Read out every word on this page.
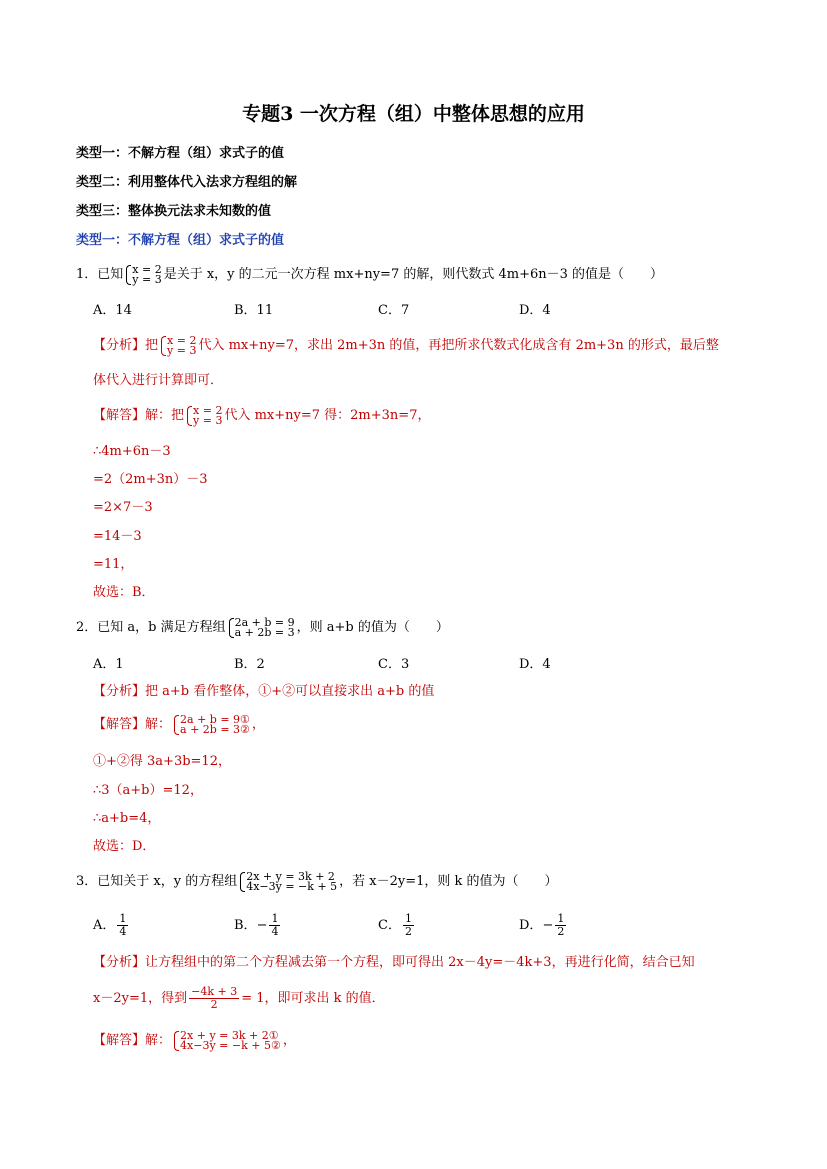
专题3 一次方程（组）中整体思想的应用
类型一：不解方程（组）求式子的值
类型二：利用整体代入法求方程组的解
类型三：整体换元法求未知数的值
类型一：不解方程（组）求式子的值
1．已知 x = 2
y = 3 是关于 x，y 的二元一次方程 mx+ny=7 的解，则代数式 4m+6n－3 的值是（　　）
A．14	B．11	C．7	D．4
【分析】把 x = 2
y = 3 代入 mx+ny=7，求出 2m+3n 的值，再把所求代数式化成含有 2m+3n 的形式，最后整
体代入进行计算即可．
【解答】解：把 x = 2
y = 3 代入 mx+ny=7 得：2m+3n=7，
∴4m+6n－3
=2（2m+3n）－3
=2×7－3
=14－3
=11，
故选：B．
2．已知 a，b 满足方程组 2a + b = 9
a + 2b = 3 ，则 a+b 的值为（　　）
A．1	B．2	C．3	D．4
【分析】把 a+b 看作整体，①+②可以直接求出 a+b 的值
【解答】解： 2a + b = 9①
a + 2b = 3② ，
①+②得 3a+3b=12，
∴3（a+b）=12，
∴a+b=4，
故选：D．
3．已知关于 x，y 的方程组 2x + y = 3k + 2
4x−3y = −k + 5 ，若 x－2y=1，则 k 的值为（　　）
A． $\frac{1}{4}$	B．− $\frac{1}{4}$	C． $\frac{1}{2}$	D．− $\frac{1}{2}$
【分析】让方程组中的第二个方程减去第一个方程，即可得出 2x－4y=－4k+3，再进行化简，结合已知
x－2y=1，得到 $\frac{-4k + 3}{2} = 1$，即可求出 k 的值．
【解答】解： 2x + y = 3k + 2①
4x−3y = −k + 5② ，
